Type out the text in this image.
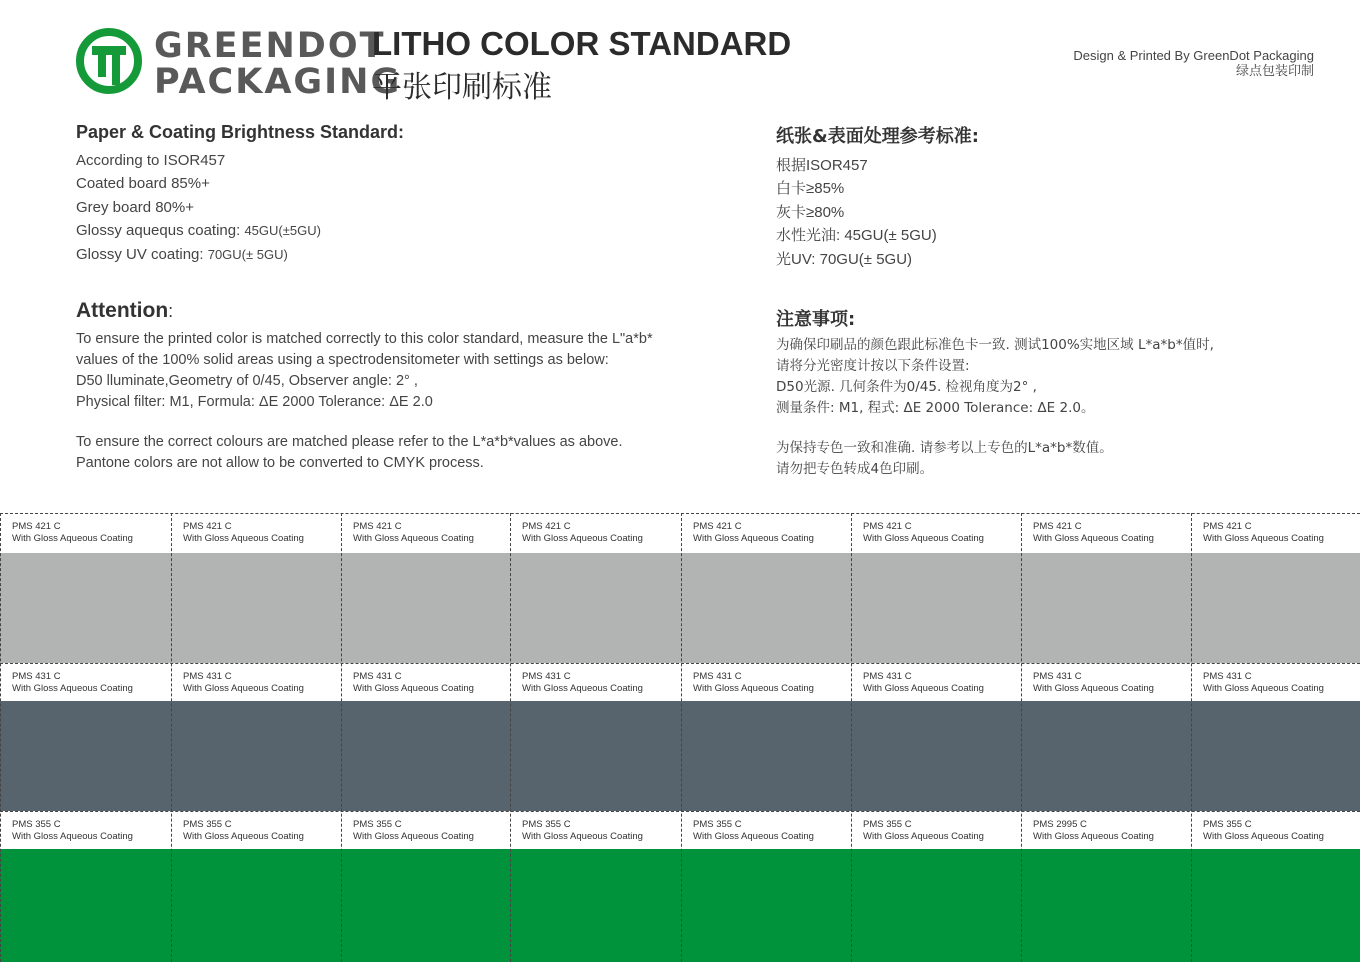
GREENDOT
PACKAGING
LITHO COLOR STANDARD
平张印刷标准
Design & Printed By GreenDot Packaging
绿点包装印制
Paper & Coating Brightness Standard:
According to ISOR457
Coated board 85%+
Grey board 80%+
Glossy aquequs coating: 45GU(±5GU)
Glossy UV coating: 70GU(± 5GU)
纸张&表面处理参考标准:
根据ISOR457
白卡≥85%
灰卡≥80%
水性光油: 45GU(± 5GU)
光UV: 70GU(± 5GU)
Attention:
To ensure the printed color is matched correctly to this color standard, measure the L"a*b*
values of the 100% solid areas using a spectrodensitometer with settings as below:
D50 lluminate,Geometry of 0/45, Observer angle: 2° ,
Physical filter: M1, Formula: ΔE 2000 Tolerance: ΔE 2.0
To ensure the correct colours are matched please refer to the L*a*b*values as above.
Pantone colors are not allow to be converted to CMYK process.
注意事项:
为确保印刷品的颜色跟此标准色卡一致. 测试100%实地区域 L*a*b*值时,
请将分光密度计按以下条件设置:
D50光源. 几何条件为0/45. 检视角度为2° ,
测量条件: M1, 程式: ΔE 2000 Tolerance: ΔE 2.0。
为保持专色一致和准确. 请参考以上专色的L*a*b*数值。
请勿把专色转成4色印刷。
PMS 421 C
With Gloss Aqueous Coating
PMS 421 C
With Gloss Aqueous Coating
PMS 421 C
With Gloss Aqueous Coating
PMS 421 C
With Gloss Aqueous Coating
PMS 421 C
With Gloss Aqueous Coating
PMS 421 C
With Gloss Aqueous Coating
PMS 421 C
With Gloss Aqueous Coating
PMS 421 C
With Gloss Aqueous Coating
PMS 431 C
With Gloss Aqueous Coating
PMS 431 C
With Gloss Aqueous Coating
PMS 431 C
With Gloss Aqueous Coating
PMS 431 C
With Gloss Aqueous Coating
PMS 431 C
With Gloss Aqueous Coating
PMS 431 C
With Gloss Aqueous Coating
PMS 431 C
With Gloss Aqueous Coating
PMS 431 C
With Gloss Aqueous Coating
PMS 355 C
With Gloss Aqueous Coating
PMS 355 C
With Gloss Aqueous Coating
PMS 355 C
With Gloss Aqueous Coating
PMS 355 C
With Gloss Aqueous Coating
PMS 355 C
With Gloss Aqueous Coating
PMS 355 C
With Gloss Aqueous Coating
PMS 2995 C
With Gloss Aqueous Coating
PMS 355 C
With Gloss Aqueous Coating
